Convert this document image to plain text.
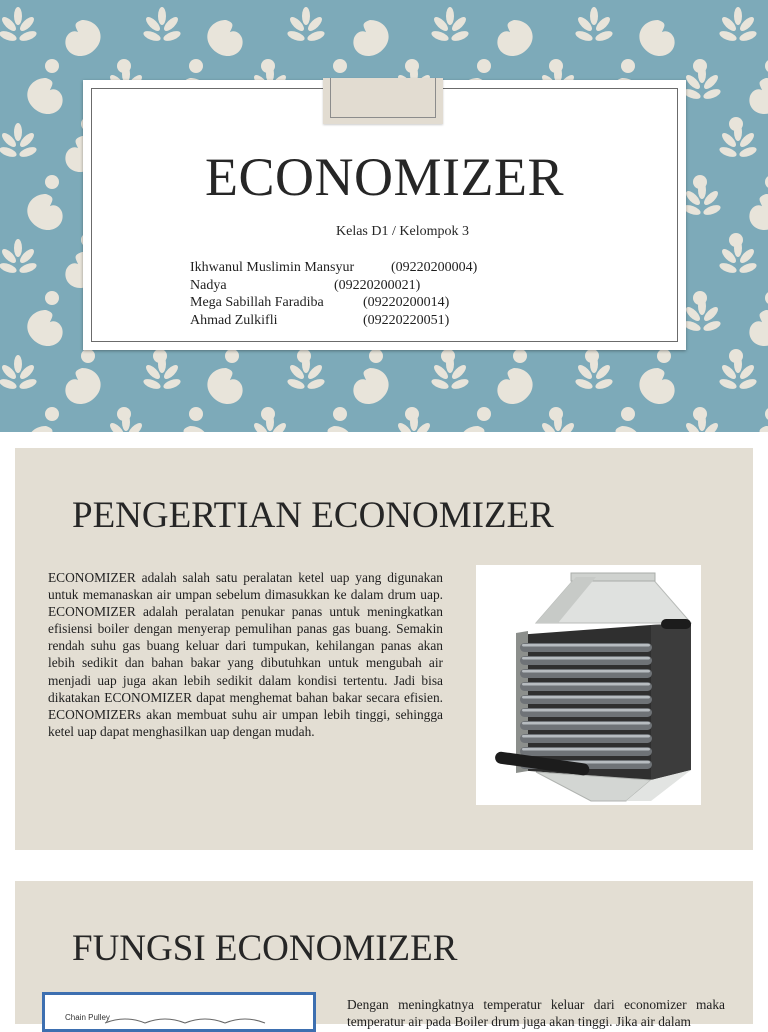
ECONOMIZER
Kelas D1 / Kelompok 3
Ikhwanul Muslimin Mansyur	(09220200004)
Nadya	(09220200021)
Mega Sabillah Faradiba	(09220200014)
Ahmad Zulkifli	(09220220051)
PENGERTIAN ECONOMIZER
ECONOMIZER adalah salah satu peralatan ketel uap yang digunakan untuk memanaskan air umpan sebelum dimasukkan ke dalam drum uap. ECONOMIZER adalah peralatan penukar panas untuk meningkatkan efisiensi boiler dengan menyerap pemulihan panas gas buang. Semakin rendah suhu gas buang keluar dari tumpukan, kehilangan panas akan lebih sedikit dan bahan bakar yang dibutuhkan untuk mengubah air menjadi uap juga akan lebih sedikit dalam kondisi tertentu. Jadi bisa dikatakan ECONOMIZER dapat menghemat bahan bakar secara efisien. ECONOMIZERs akan membuat suhu air umpan lebih tinggi, sehingga ketel uap dapat menghasilkan uap dengan mudah.
FUNGSI ECONOMIZER
Chain Pulley
Dengan meningkatnya temperatur keluar dari economizer maka temperatur air pada Boiler drum juga akan tinggi. Jika air dalam
